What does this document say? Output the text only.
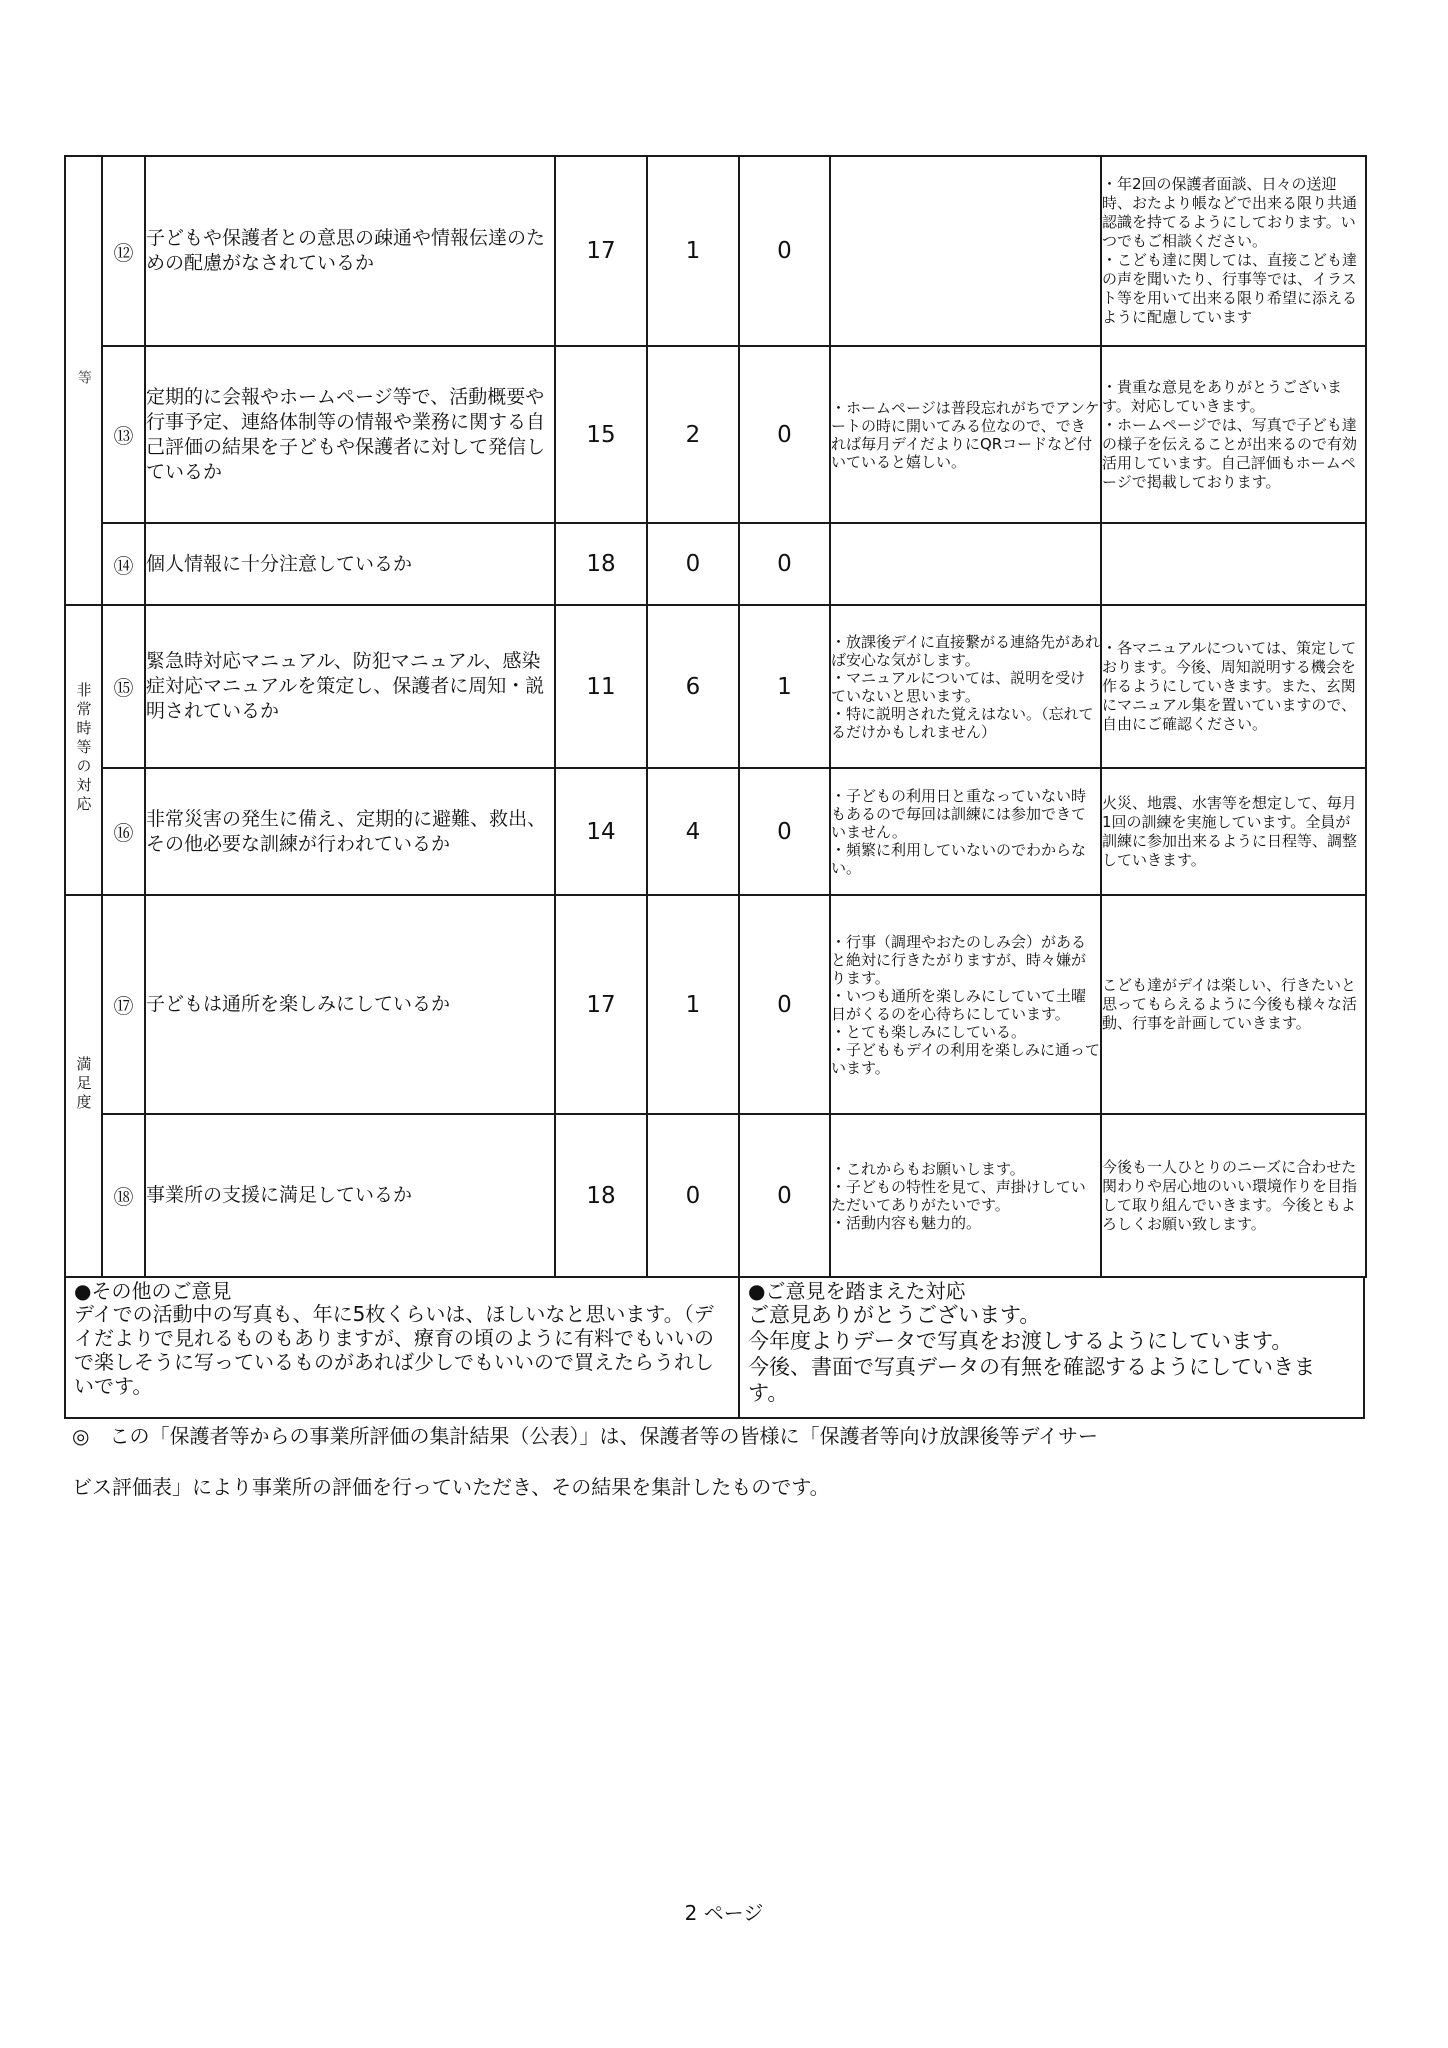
等	⑫	子どもや保護者との意思の疎通や情報伝達のための配慮がなされているか	17	1	0		・年2回の保護者面談、日々の送迎時、おたより帳などで出来る限り共通認識を持てるようにしております。いつでもご相談ください。
・こども達に関しては、直接こども達の声を聞いたり、行事等では、イラスト等を用いて出来る限り希望に添えるように配慮しています
	⑬	定期的に会報やホームページ等で、活動概要や行事予定、連絡体制等の情報や業務に関する自己評価の結果を子どもや保護者に対して発信しているか	15	2	0	・ホームページは普段忘れがちでアンケートの時に開いてみる位なので、できれば毎月デイだよりにQRコードなど付いていると嬉しい。	・貴重な意見をありがとうございます。対応していきます。
・ホームページでは、写真で子ども達の様子を伝えることが出来るので有効活用しています。自己評価もホームページで掲載しております。
	⑭	個人情報に十分注意しているか	18	0	0		
非常時等の対応	⑮	緊急時対応マニュアル、防犯マニュアル、感染症対応マニュアルを策定し、保護者に周知・説明されているか	11	6	1	・放課後デイに直接繋がる連絡先があれば安心な気がします。
・マニュアルについては、説明を受けていないと思います。
・特に説明された覚えはない。（忘れてるだけかもしれません）	・各マニュアルについては、策定しております。今後、周知説明する機会を作るようにしていきます。また、玄関にマニュアル集を置いていますので、自由にご確認ください。
	⑯	非常災害の発生に備え、定期的に避難、救出、その他必要な訓練が行われているか	14	4	0	・子どもの利用日と重なっていない時もあるので毎回は訓練には参加できていません。
・頻繁に利用していないのでわからない。	火災、地震、水害等を想定して、毎月1回の訓練を実施しています。全員が訓練に参加出来るように日程等、調整していきます。
満足度	⑰	子どもは通所を楽しみにしているか	17	1	0	・行事（調理やおたのしみ会）があると絶対に行きたがりますが、時々嫌がります。
・いつも通所を楽しみにしていて土曜日がくるのを心待ちにしています。
・とても楽しみにしている。
・子どももデイの利用を楽しみに通っています。	こども達がデイは楽しい、行きたいと思ってもらえるように今後も様々な活動、行事を計画していきます。
	⑱	事業所の支援に満足しているか	18	0	0	・これからもお願いします。
・子どもの特性を見て、声掛けしていただいてありがたいです。
・活動内容も魅力的。	今後も一人ひとりのニーズに合わせた関わりや居心地のいい環境作りを目指して取り組んでいきます。今後ともよろしくお願い致します。
●その他のご意見
デイでの活動中の写真も、年に5枚くらいは、ほしいなと思います。（デイだよりで見れるものもありますが、療育の頃のように有料でもいいので楽しそうに写っているものがあれば少しでもいいので買えたらうれしいです。
●ご意見を踏まえた対応
ご意見ありがとうございます。
今年度よりデータで写真をお渡しするようにしています。
今後、書面で写真データの有無を確認するようにしていきます。
◎　この「保護者等からの事業所評価の集計結果（公表）」は、保護者等の皆様に「保護者等向け放課後等デイサー
ビス評価表」により事業所の評価を行っていただき、その結果を集計したものです。
2 ページ
